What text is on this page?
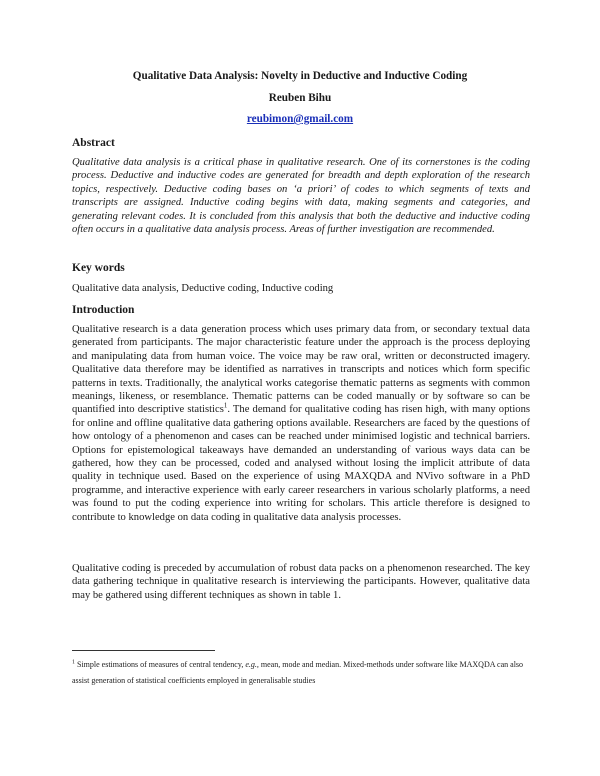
Qualitative Data Analysis: Novelty in Deductive and Inductive Coding
Reuben Bihu
reubimon@gmail.com
Abstract
Qualitative data analysis is a critical phase in qualitative research. One of its cornerstones is the coding process. Deductive and inductive codes are generated for breadth and depth exploration of the research topics, respectively. Deductive coding bases on ‘a priori’ of codes to which segments of texts and transcripts are assigned. Inductive coding begins with data, making segments and categories, and generating relevant codes. It is concluded from this analysis that both the deductive and inductive coding often occurs in a qualitative data analysis process. Areas of further investigation are recommended.
Key words
Qualitative data analysis, Deductive coding, Inductive coding
Introduction
Qualitative research is a data generation process which uses primary data from, or secondary textual data generated from participants. The major characteristic feature under the approach is the process deploying and manipulating data from human voice. The voice may be raw oral, written or deconstructed imagery. Qualitative data therefore may be identified as narratives in transcripts and notices which form specific patterns in texts. Traditionally, the analytical works categorise thematic patterns as segments with common meanings, likeness, or resemblance. Thematic patterns can be coded manually or by software so can be quantified into descriptive statistics$^1$. The demand for qualitative coding has risen high, with many options for online and offline qualitative data gathering options available. Researchers are faced by the questions of how ontology of a phenomenon and cases can be reached under minimised logistic and technical barriers. Options for epistemological takeaways have demanded an understanding of various ways data can be gathered, how they can be processed, coded and analysed without losing the implicit attribute of data quality in technique used. Based on the experience of using MAXQDA and NVivo software in a PhD programme, and interactive experience with early career researchers in various scholarly platforms, a need was found to put the coding experience into writing for scholars. This article therefore is designed to contribute to knowledge on data coding in qualitative data analysis processes.
Qualitative coding is preceded by accumulation of robust data packs on a phenomenon researched. The key data gathering technique in qualitative research is interviewing the participants. However, qualitative data may be gathered using different techniques as shown in table 1.
$^1$ Simple estimations of measures of central tendency, e.g., mean, mode and median. Mixed-methods under software like MAXQDA can also assist generation of statistical coefficients employed in generalisable studies
